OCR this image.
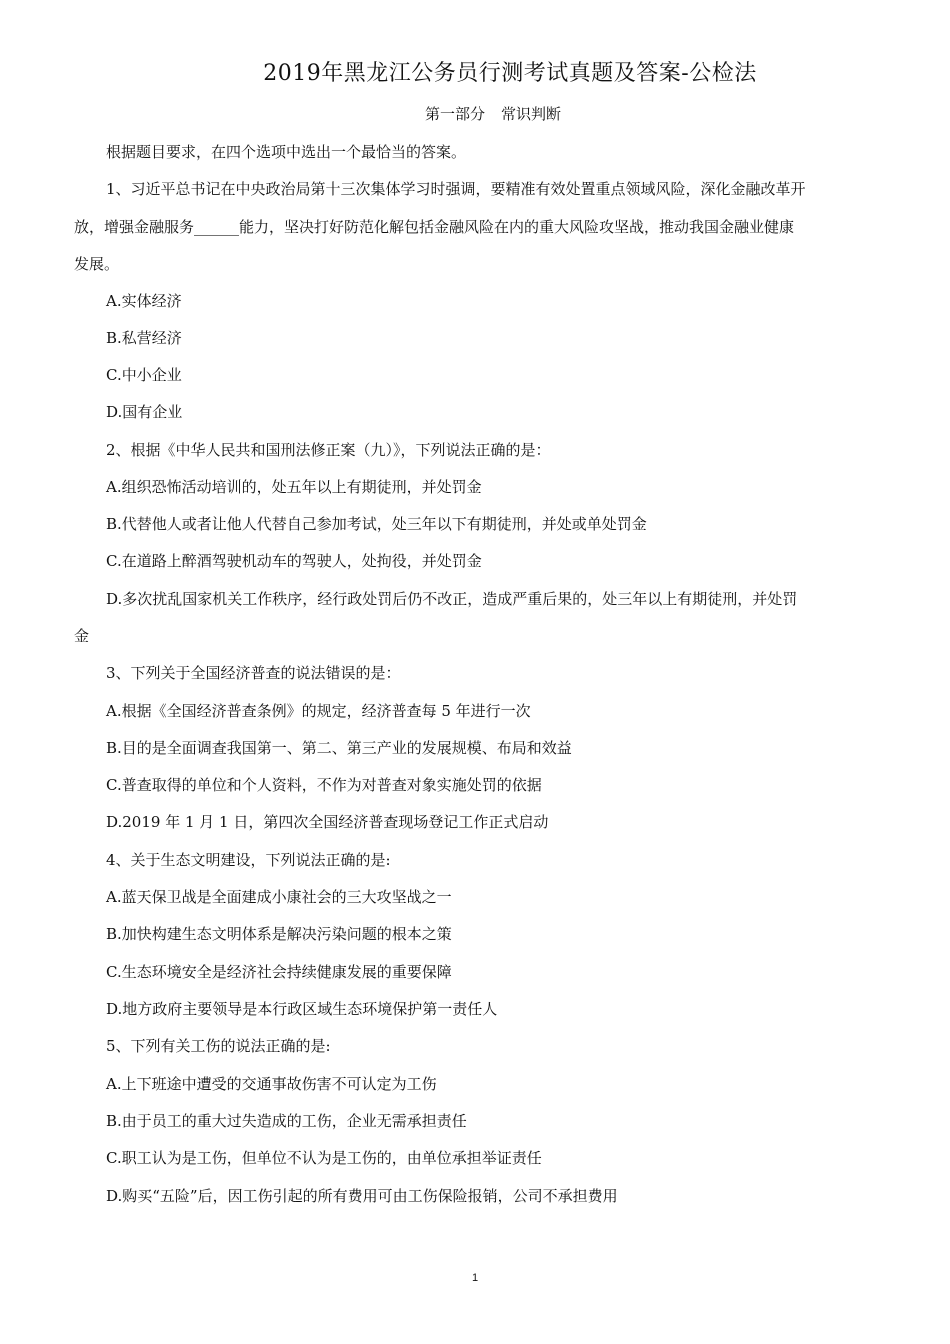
2019年黑龙江公务员行测考试真题及答案-公检法
第一部分 常识判断
根据题目要求，在四个选项中选出一个最恰当的答案。
1、习近平总书记在中央政治局第十三次集体学习时强调，要精准有效处置重点领域风险，深化金融改革开
放，增强金融服务______能力，坚决打好防范化解包括金融风险在内的重大风险攻坚战，推动我国金融业健康
发展。
A.实体经济
B.私营经济
C.中小企业
D.国有企业
2、根据《中华人民共和国刑法修正案（九）》，下列说法正确的是：
A.组织恐怖活动培训的，处五年以上有期徒刑，并处罚金
B.代替他人或者让他人代替自己参加考试，处三年以下有期徒刑，并处或单处罚金
C.在道路上醉酒驾驶机动车的驾驶人，处拘役，并处罚金
D.多次扰乱国家机关工作秩序，经行政处罚后仍不改正，造成严重后果的，处三年以上有期徒刑，并处罚
金
3、下列关于全国经济普查的说法错误的是：
A.根据《全国经济普查条例》的规定，经济普查每 5 年进行一次
B.目的是全面调查我国第一、第二、第三产业的发展规模、布局和效益
C.普查取得的单位和个人资料，不作为对普查对象实施处罚的依据
D.2019 年 1 月 1 日，第四次全国经济普查现场登记工作正式启动
4、关于生态文明建设，下列说法正确的是:
A.蓝天保卫战是全面建成小康社会的三大攻坚战之一
B.加快构建生态文明体系是解决污染问题的根本之策
C.生态环境安全是经济社会持续健康发展的重要保障
D.地方政府主要领导是本行政区域生态环境保护第一责任人
5、下列有关工伤的说法正确的是:
A.上下班途中遭受的交通事故伤害不可认定为工伤
B.由于员工的重大过失造成的工伤，企业无需承担责任
C.职工认为是工伤，但单位不认为是工伤的，由单位承担举证责任
D.购买“五险”后，因工伤引起的所有费用可由工伤保险报销，公司不承担费用
1
